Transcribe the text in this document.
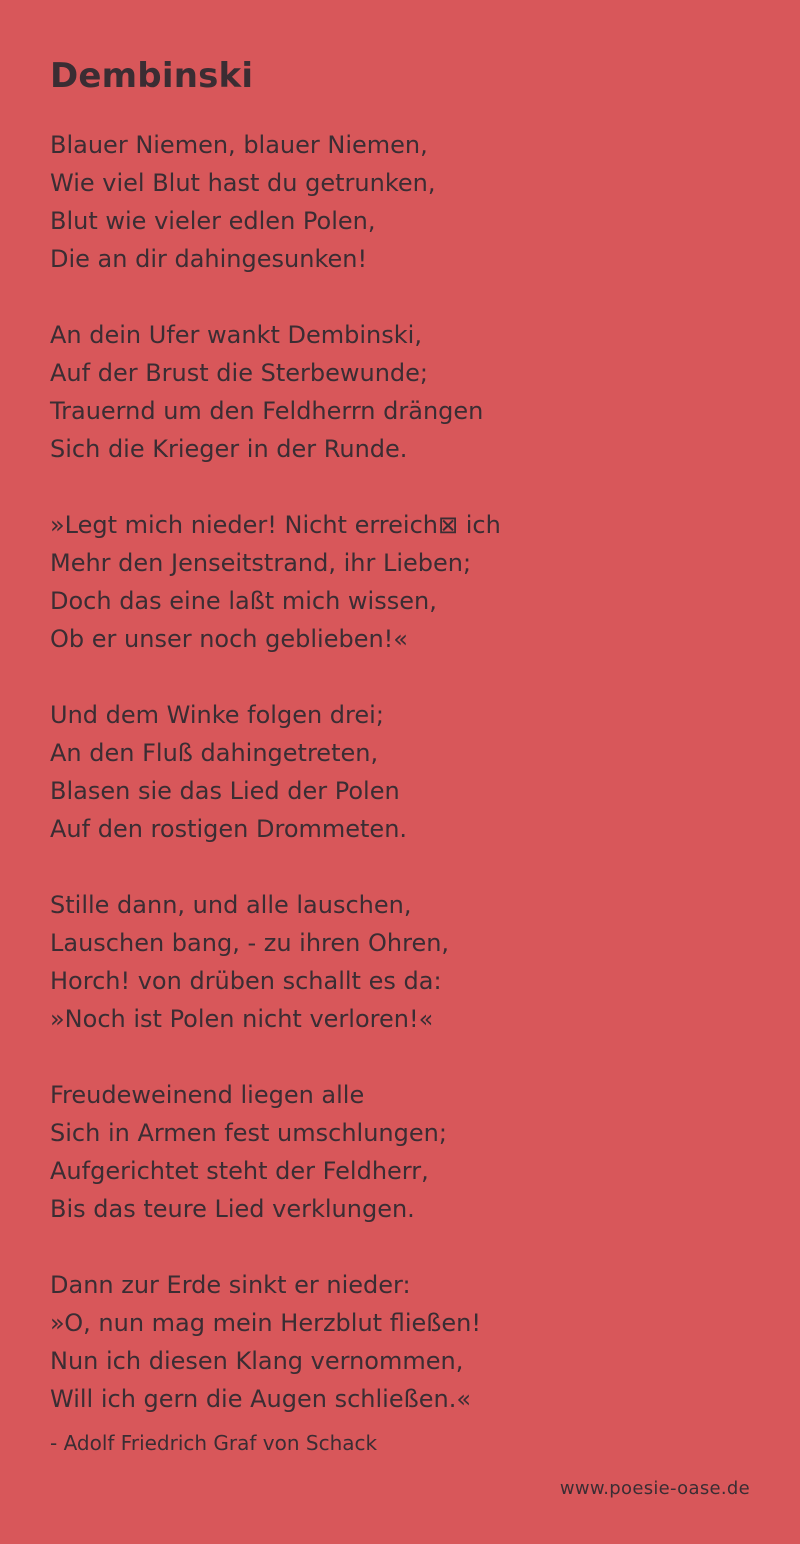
Dembinski
Blauer Niemen, blauer Niemen,
Wie viel Blut hast du getrunken,
Blut wie vieler edlen Polen,
Die an dir dahingesunken!
An dein Ufer wankt Dembinski,
Auf der Brust die Sterbewunde;
Trauernd um den Feldherrn drängen
Sich die Krieger in der Runde.
»Legt mich nieder! Nicht erreich⊠ ich
Mehr den Jenseitstrand, ihr Lieben;
Doch das eine laßt mich wissen,
Ob er unser noch geblieben!«
Und dem Winke folgen drei;
An den Fluß dahingetreten,
Blasen sie das Lied der Polen
Auf den rostigen Drommeten.
Stille dann, und alle lauschen,
Lauschen bang, - zu ihren Ohren,
Horch! von drüben schallt es da:
»Noch ist Polen nicht verloren!«
Freudeweinend liegen alle
Sich in Armen fest umschlungen;
Aufgerichtet steht der Feldherr,
Bis das teure Lied verklungen.
Dann zur Erde sinkt er nieder:
»O, nun mag mein Herzblut fließen!
Nun ich diesen Klang vernommen,
Will ich gern die Augen schließen.«
- Adolf Friedrich Graf von Schack
www.poesie-oase.de
